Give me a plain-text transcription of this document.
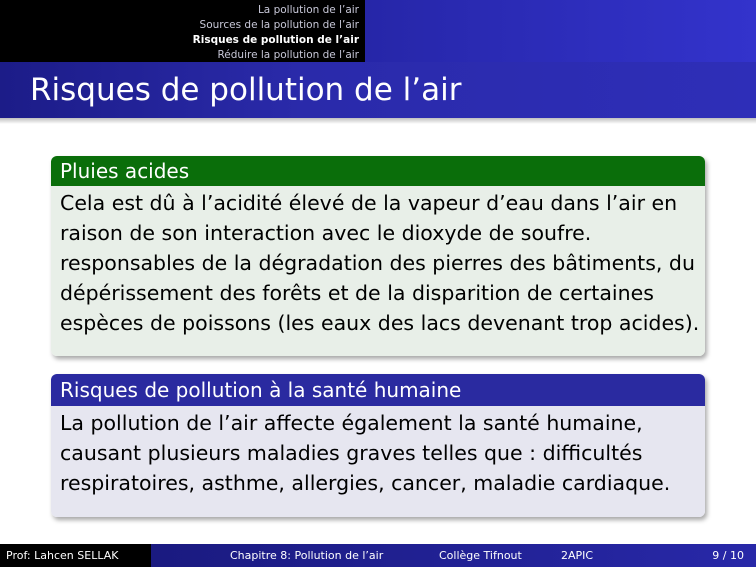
La pollution de l’air
Sources de la pollution de l’air
Risques de pollution de l’air
Réduire la pollution de l’air
Risques de pollution de l’air
Pluies acides
Cela est dû à l’acidité élevé de la vapeur d’eau dans l’air en
raison de son interaction avec le dioxyde de soufre.
responsables de la dégradation des pierres des bâtiments, du
dépérissement des forêts et de la disparition de certaines
espèces de poissons (les eaux des lacs devenant trop acides).
Risques de pollution à la santé humaine
La pollution de l’air affecte également la santé humaine,
causant plusieurs maladies graves telles que : difficultés
respiratoires, asthme, allergies, cancer, maladie cardiaque.
Prof: Lahcen SELLAK	Chapitre 8: Pollution de l’air	Collège Tifnout	2APIC	9 / 10
